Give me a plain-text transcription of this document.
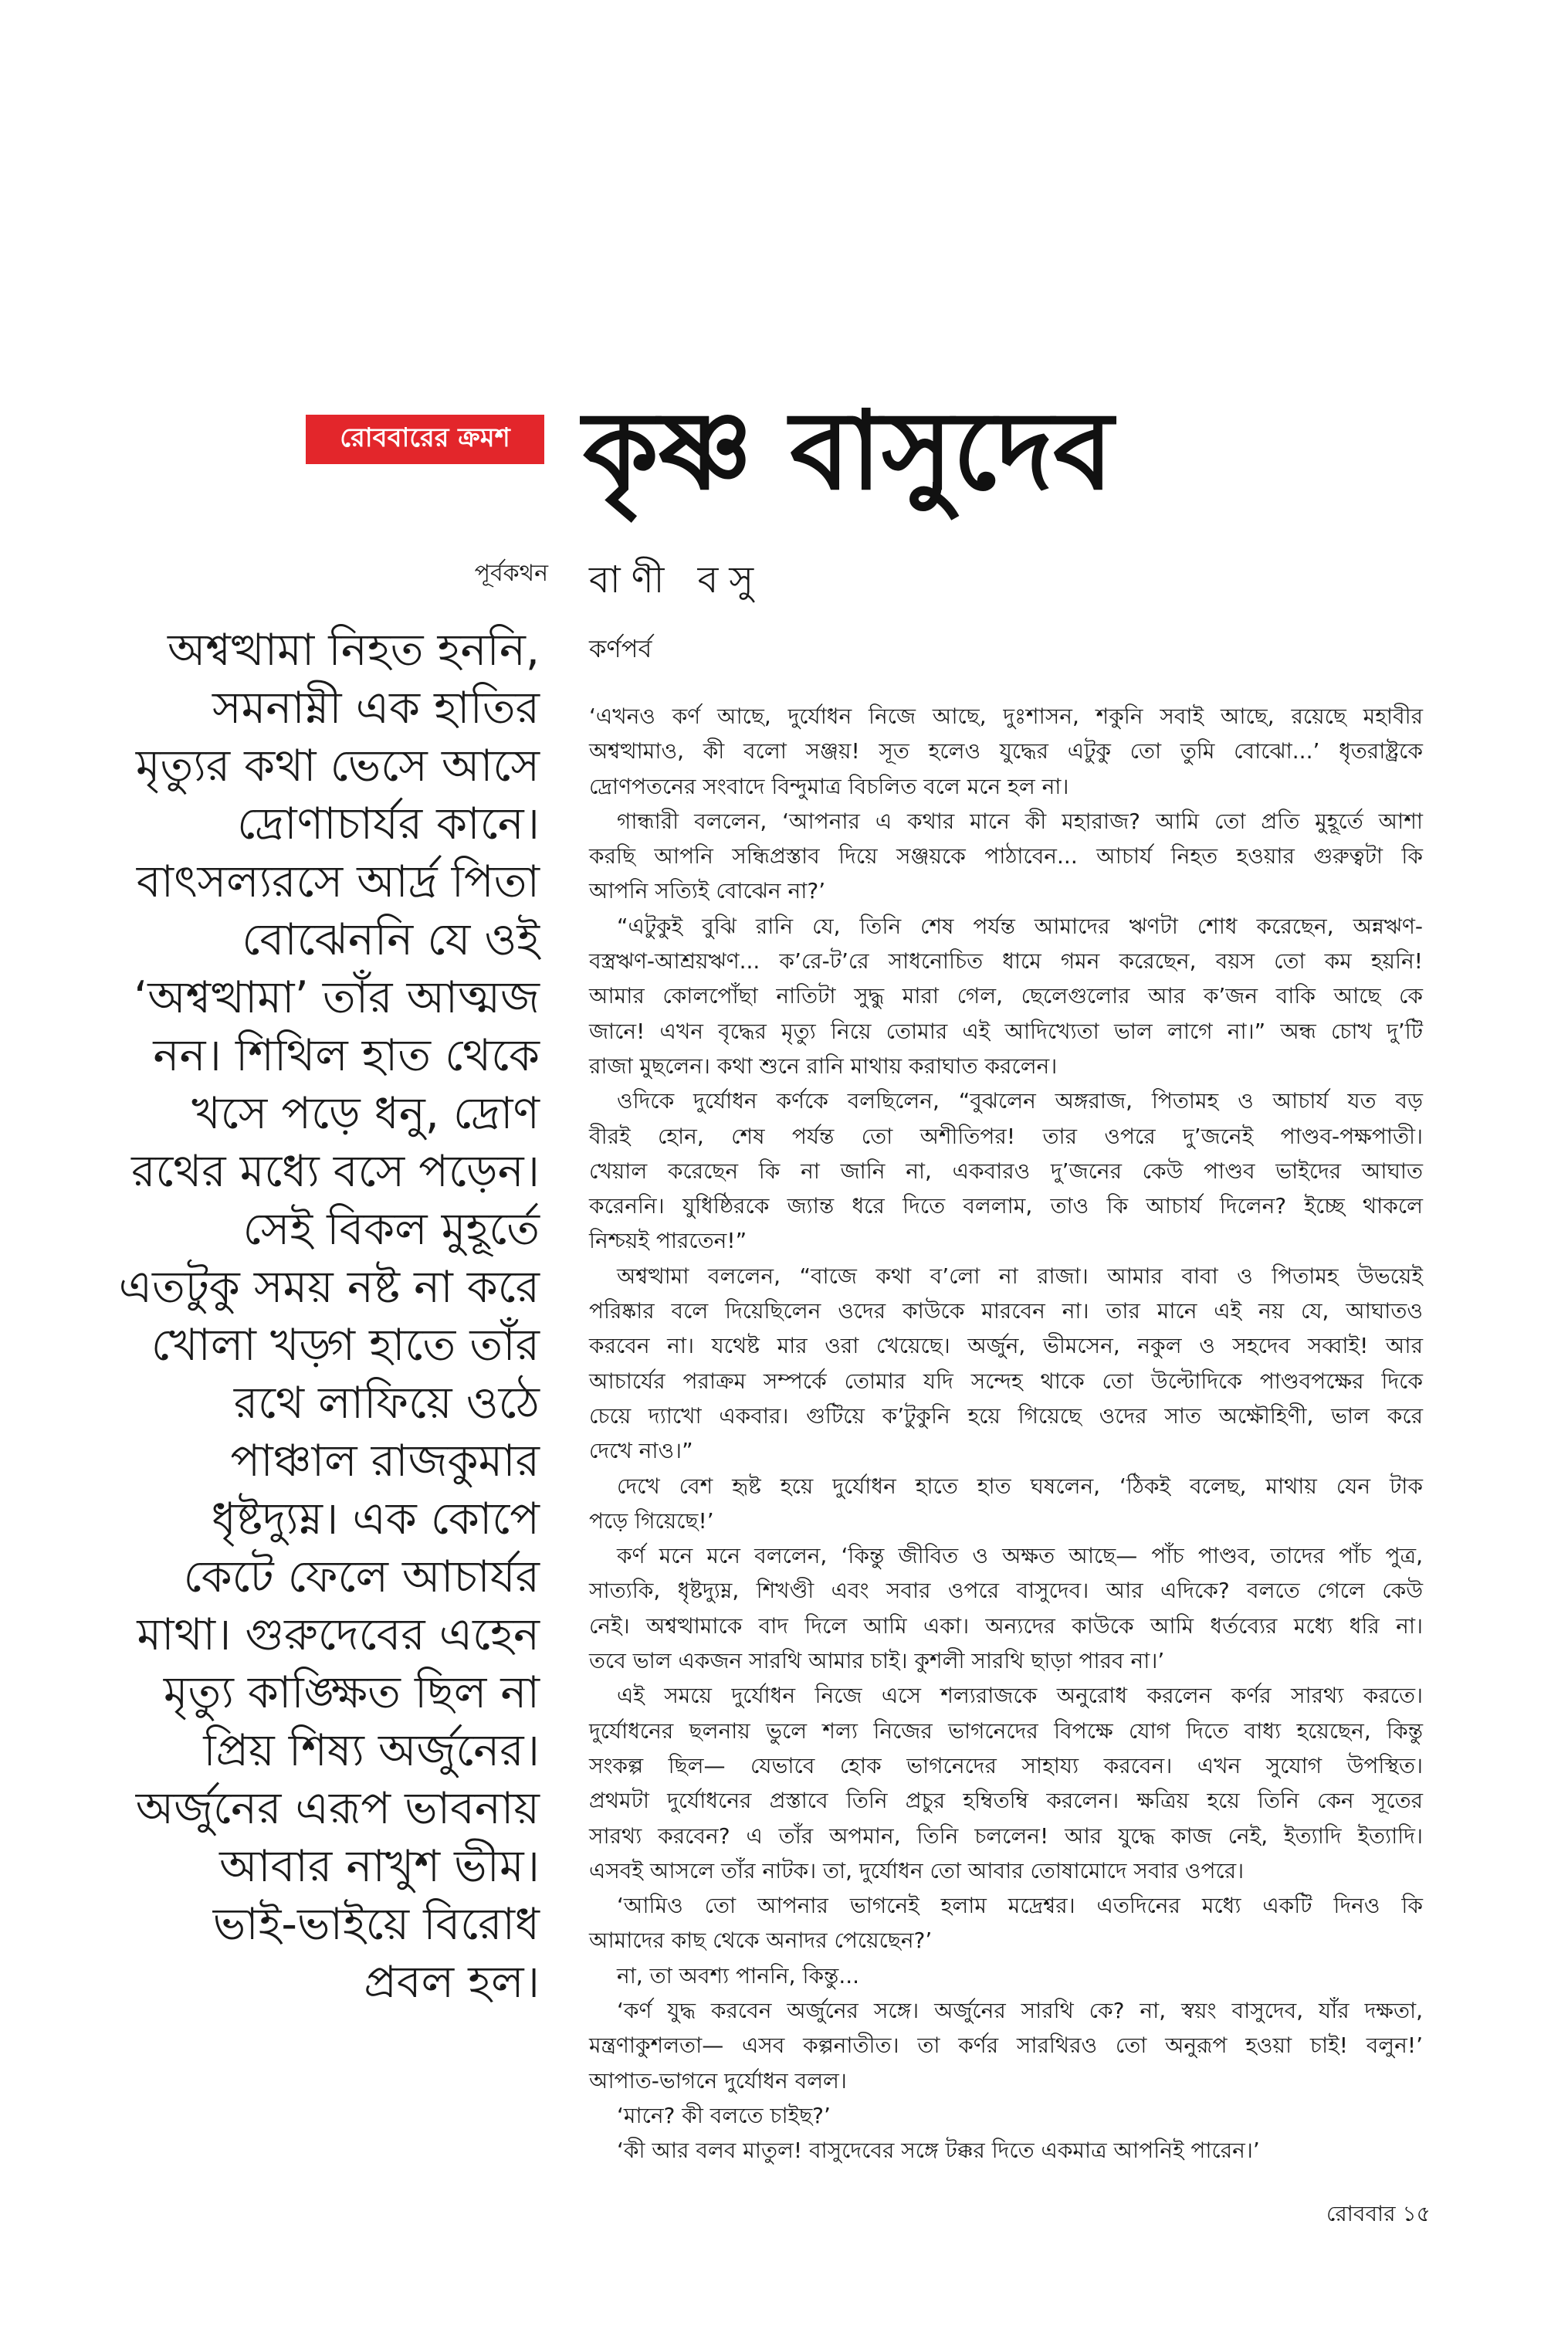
রোববারের ক্রমশ কৃষ্ণ বাসুদেব
পূর্বকথন বাণী বসু
কর্ণপর্ব
অশ্বত্থামা নিহত হননি,
সমনাম্নী এক হাতির
মৃত্যুর কথা ভেসে আসে
দ্রোণাচার্যর কানে।
বাৎসল্যরসে আর্দ্র পিতা
বোঝেননি যে ওই
‘অশ্বত্থামা’ তাঁর আত্মজ
নন। শিথিল হাত থেকে
খসে পড়ে ধনু, দ্রোণ
রথের মধ্যে বসে পড়েন।
সেই বিকল মুহূর্তে
এতটুকু সময় নষ্ট না করে
খোলা খড়্গ হাতে তাঁর
রথে লাফিয়ে ওঠে
পাঞ্চাল রাজকুমার
ধৃষ্টদ্যুম্ন। এক কোপে
কেটে ফেলে আচার্যর
মাথা। গুরুদেবের এহেন
মৃত্যু কাঙ্ক্ষিত ছিল না
প্রিয় শিষ্য অর্জুনের।
অর্জুনের এরূপ ভাবনায়
আবার নাখুশ ভীম।
ভাই-ভাইয়ে বিরোধ
প্রবল হল।
‘এখনও কর্ণ আছে, দুর্যোধন নিজে আছে, দুঃশাসন, শকুনি সবাই আছে, রয়েছে মহাবীর
অশ্বত্থামাও, কী বলো সঞ্জয়! সূত হলেও যুদ্ধের এটুকু তো তুমি বোঝো...’ ধৃতরাষ্ট্রকে
দ্রোণপতনের সংবাদে বিন্দুমাত্র বিচলিত বলে মনে হল না।
গান্ধারী বললেন, ‘আপনার এ কথার মানে কী মহারাজ? আমি তো প্রতি মুহূর্তে আশা
করছি আপনি সন্ধিপ্রস্তাব দিয়ে সঞ্জয়কে পাঠাবেন... আচার্য নিহত হওয়ার গুরুত্বটা কি
আপনি সত্যিই বোঝেন না?’
“এটুকুই বুঝি রানি যে, তিনি শেষ পর্যন্ত আমাদের ঋণটা শোধ করেছেন, অন্নঋণ-
বস্ত্রঋণ-আশ্রয়ঋণ... ক’রে-ট’রে সাধনোচিত ধামে গমন করেছেন, বয়স তো কম হয়নি!
আমার কোলপোঁছা নাতিটা সুদ্ধু মারা গেল, ছেলেগুলোর আর ক’জন বাকি আছে কে
জানে! এখন বৃদ্ধের মৃত্যু নিয়ে তোমার এই আদিখ্যেতা ভাল লাগে না।” অন্ধ চোখ দু’টি
রাজা মুছলেন। কথা শুনে রানি মাথায় করাঘাত করলেন।
ওদিকে দুর্যোধন কর্ণকে বলছিলেন, “বুঝলেন অঙ্গরাজ, পিতামহ ও আচার্য যত বড়
বীরই হোন, শেষ পর্যন্ত তো অশীতিপর! তার ওপরে দু’জনেই পাণ্ডব-পক্ষপাতী।
খেয়াল করেছেন কি না জানি না, একবারও দু’জনের কেউ পাণ্ডব ভাইদের আঘাত
করেননি। যুধিষ্ঠিরকে জ্যান্ত ধরে দিতে বললাম, তাও কি আচার্য দিলেন? ইচ্ছে থাকলে
নিশ্চয়ই পারতেন!”
অশ্বত্থামা বললেন, “বাজে কথা ব’লো না রাজা। আমার বাবা ও পিতামহ উভয়েই
পরিষ্কার বলে দিয়েছিলেন ওদের কাউকে মারবেন না। তার মানে এই নয় যে, আঘাতও
করবেন না। যথেষ্ট মার ওরা খেয়েছে। অর্জুন, ভীমসেন, নকুল ও সহদেব সব্বাই! আর
আচার্যের পরাক্রম সম্পর্কে তোমার যদি সন্দেহ থাকে তো উল্টোদিকে পাণ্ডবপক্ষের দিকে
চেয়ে দ্যাখো একবার। গুটিয়ে ক’টুকুনি হয়ে গিয়েছে ওদের সাত অক্ষৌহিণী, ভাল করে
দেখে নাও।”
দেখে বেশ হৃষ্ট হয়ে দুর্যোধন হাতে হাত ঘষলেন, ‘ঠিকই বলেছ, মাথায় যেন টাক
পড়ে গিয়েছে!’
কর্ণ মনে মনে বললেন, ‘কিন্তু জীবিত ও অক্ষত আছে— পাঁচ পাণ্ডব, তাদের পাঁচ পুত্র,
সাত্যকি, ধৃষ্টদ্যুম্ন, শিখণ্ডী এবং সবার ওপরে বাসুদেব। আর এদিকে? বলতে গেলে কেউ
নেই। অশ্বত্থামাকে বাদ দিলে আমি একা। অন্যদের কাউকে আমি ধর্তব্যের মধ্যে ধরি না।
তবে ভাল একজন সারথি আমার চাই। কুশলী সারথি ছাড়া পারব না।’
এই সময়ে দুর্যোধন নিজে এসে শল্যরাজকে অনুরোধ করলেন কর্ণর সারথ্য করতে।
দুর্যোধনের ছলনায় ভুলে শল্য নিজের ভাগনেদের বিপক্ষে যোগ দিতে বাধ্য হয়েছেন, কিন্তু
সংকল্প ছিল— যেভাবে হোক ভাগনেদের সাহায্য করবেন। এখন সুযোগ উপস্থিত।
প্রথমটা দুর্যোধনের প্রস্তাবে তিনি প্রচুর হম্বিতম্বি করলেন। ক্ষত্রিয় হয়ে তিনি কেন সূতের
সারথ্য করবেন? এ তাঁর অপমান, তিনি চললেন! আর যুদ্ধে কাজ নেই, ইত্যাদি ইত্যাদি।
এসবই আসলে তাঁর নাটক। তা, দুর্যোধন তো আবার তোষামোদে সবার ওপরে।
‘আমিও তো আপনার ভাগনেই হলাম মদ্রেশ্বর। এতদিনের মধ্যে একটি দিনও কি
আমাদের কাছ থেকে অনাদর পেয়েছেন?’
না, তা অবশ্য পাননি, কিন্তু...
‘কর্ণ যুদ্ধ করবেন অর্জুনের সঙ্গে। অর্জুনের সারথি কে? না, স্বয়ং বাসুদেব, যাঁর দক্ষতা,
মন্ত্রণাকুশলতা— এসব কল্পনাতীত। তা কর্ণর সারথিরও তো অনুরূপ হওয়া চাই! বলুন!’
আপাত-ভাগনে দুর্যোধন বলল।
‘মানে? কী বলতে চাইছ?’
‘কী আর বলব মাতুল! বাসুদেবের সঙ্গে টক্কর দিতে একমাত্র আপনিই পারেন।’
রোববার ১৫
